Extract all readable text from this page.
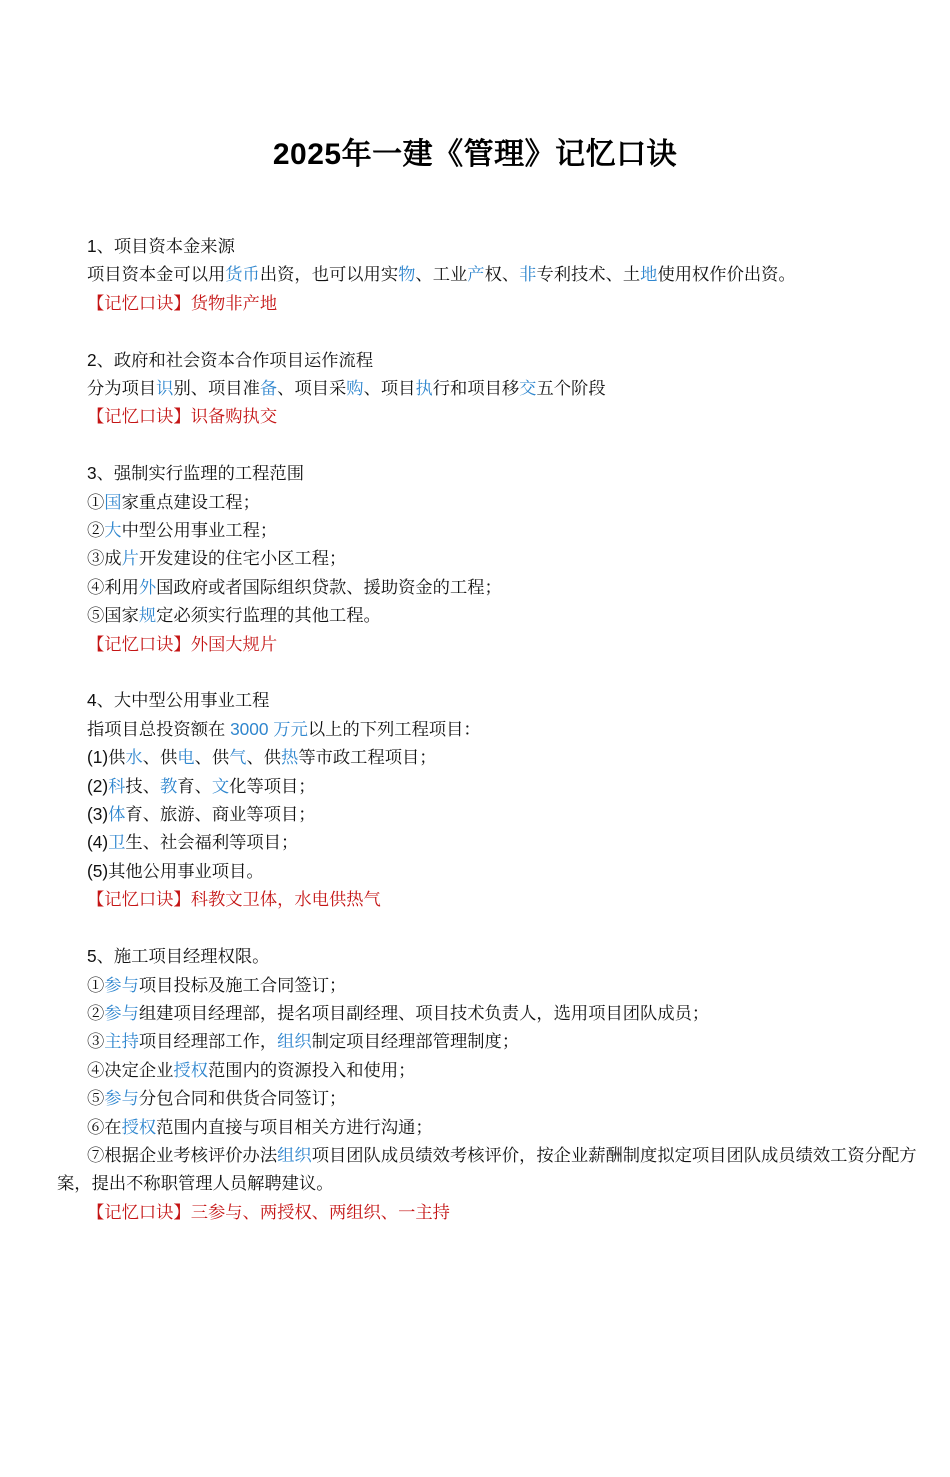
2025年一建《管理》记忆口诀

1、项目资本金来源

项目资本金可以用货币出资，也可以用实物、工业产权、非专利技术、土地使用权作价出资。

【记忆口诀】货物非产地

2、政府和社会资本合作项目运作流程

分为项目识别、项目准备、项目采购、项目执行和项目移交五个阶段

【记忆口诀】识备购执交

3、强制实行监理的工程范围

①国家重点建设工程；

②大中型公用事业工程；

③成片开发建设的住宅小区工程；

④利用外国政府或者国际组织贷款、援助资金的工程；

⑤国家规定必须实行监理的其他工程。

【记忆口诀】外国大规片

4、大中型公用事业工程

指项目总投资额在 3000 万元以上的下列工程项目：

(1)供水、供电、供气、供热等市政工程项目；

(2)科技、教育、文化等项目；

(3)体育、旅游、商业等项目；

(4)卫生、社会福利等项目；

(5)其他公用事业项目。

【记忆口诀】科教文卫体，水电供热气

5、施工项目经理权限。

①参与项目投标及施工合同签订；

②参与组建项目经理部，提名项目副经理、项目技术负责人，选用项目团队成员；

③主持项目经理部工作，组织制定项目经理部管理制度；

④决定企业授权范围内的资源投入和使用；

⑤参与分包合同和供货合同签订；

⑥在授权范围内直接与项目相关方进行沟通；

⑦根据企业考核评价办法组织项目团队成员绩效考核评价，按企业薪酬制度拟定项目团队成员绩效工资分配方案，提出不称职管理人员解聘建议。

【记忆口诀】三参与、两授权、两组织、一主持
